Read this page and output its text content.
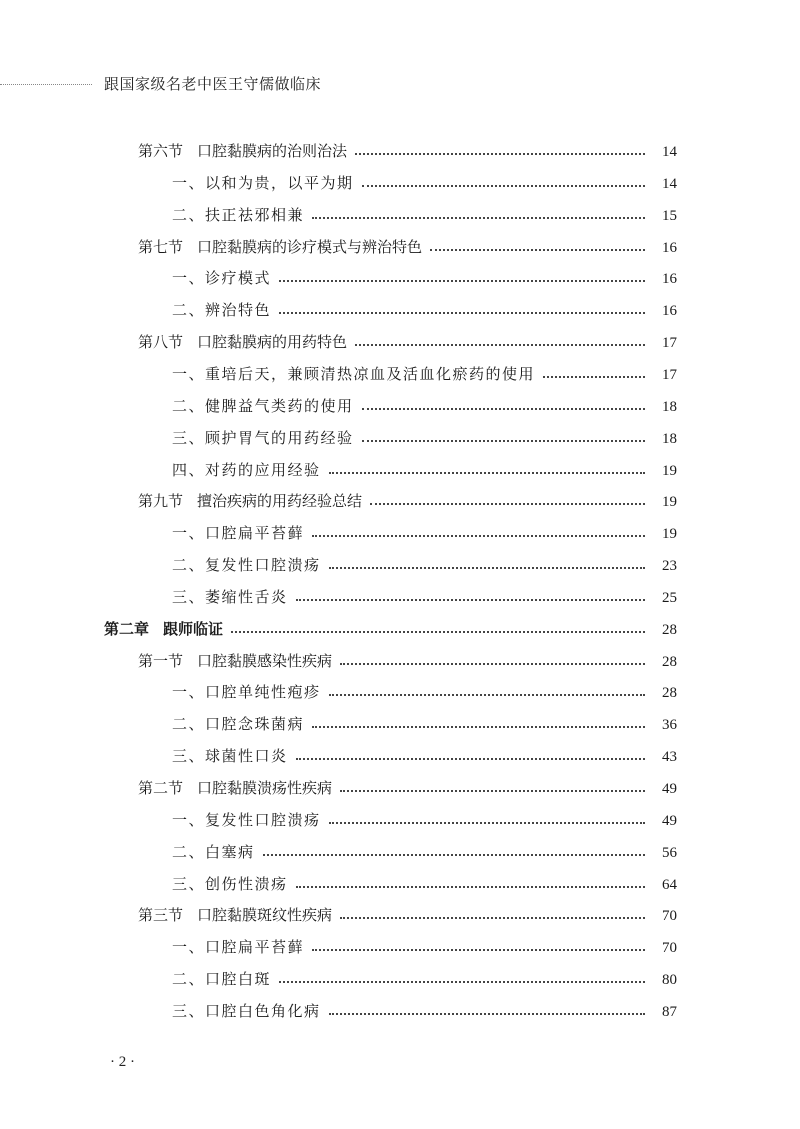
跟国家级名老中医王守儒做临床
第六节 口腔黏膜病的治则治法	14
一、以和为贵，以平为期	14
二、扶正祛邪相兼	15
第七节 口腔黏膜病的诊疗模式与辨治特色	16
一、诊疗模式	16
二、辨治特色	16
第八节 口腔黏膜病的用药特色	17
一、重培后天，兼顾清热凉血及活血化瘀药的使用	17
二、健脾益气类药的使用	18
三、顾护胃气的用药经验	18
四、对药的应用经验	19
第九节 擅治疾病的用药经验总结	19
一、口腔扁平苔藓	19
二、复发性口腔溃疡	23
三、萎缩性舌炎	25
第二章 跟师临证	28
第一节 口腔黏膜感染性疾病	28
一、口腔单纯性疱疹	28
二、口腔念珠菌病	36
三、球菌性口炎	43
第二节 口腔黏膜溃疡性疾病	49
一、复发性口腔溃疡	49
二、白塞病	56
三、创伤性溃疡	64
第三节 口腔黏膜斑纹性疾病	70
一、口腔扁平苔藓	70
二、口腔白斑	80
三、口腔白色角化病	87
· 2 ·
